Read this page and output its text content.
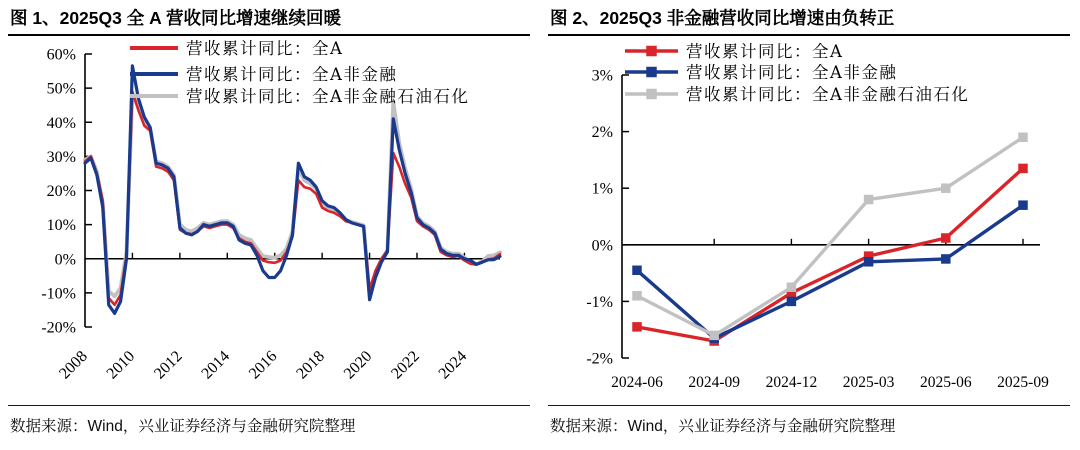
图 1、2025Q3 全 A 营收同比增速继续回暖
60%
50%
40%
30%
20%
10%
0%
-10%
-20%
2008 2010 2012 2014 2016 2018 2020 2022 2024
营收累计同比：全A
营收累计同比：全A非金融
营收累计同比：全A非金融石油石化
数据来源：Wind，兴业证券经济与金融研究院整理
图 2、2025Q3 非金融营收同比增速由负转正
3%
2%
1%
0%
-1%
-2%
2024-06 2024-09 2024-12 2025-03 2025-06 2025-09
营收累计同比：全A
营收累计同比：全A非金融
营收累计同比：全A非金融石油石化
数据来源：Wind，兴业证券经济与金融研究院整理
